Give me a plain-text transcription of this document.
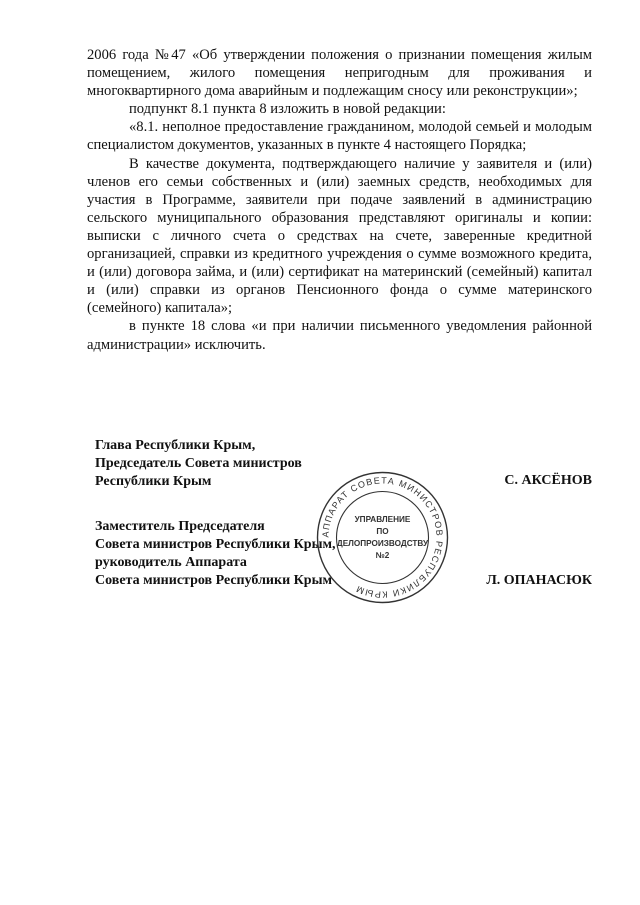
2006 года №47 «Об утверждении положения о признании помещения жилым помещением, жилого помещения непригодным для проживания и многоквартирного дома аварийным и подлежащим сносу или реконструкции»;

подпункт 8.1 пункта 8 изложить в новой редакции:

«8.1. неполное предоставление гражданином, молодой семьей и молодым специалистом документов, указанных в пункте 4 настоящего Порядка;

В качестве документа, подтверждающего наличие у заявителя и (или) членов его семьи собственных и (или) заемных средств, необходимых для участия в Программе, заявители при подаче заявлений в администрацию сельского муниципального образования представляют оригиналы и копии: выписки с личного счета о средствах на счете, заверенные кредитной организацией, справки из кредитного учреждения о сумме возможного кредита, и (или) договора займа, и (или) сертификат на материнский (семейный) капитал и (или) справки из органов Пенсионного фонда о сумме материнского (семейного) капитала»;

в пункте 18 слова «и при наличии письменного уведомления районной администрации» исключить.

Глава Республики Крым,
Председатель Совета министров
Республики Крым	С. АКСЁНОВ
Заместитель Председателя
Совета министров Республики Крым,
руководитель Аппарата
Совета министров Республики Крым	Л. ОПАНАСЮК
АППАРАТ СОВЕТА МИНИСТРОВ РЕСПУБЛИКИ КРЫМ
УПРАВЛЕНИЕ
ПО
ДЕЛОПРОИЗВОДСТВУ
№2
